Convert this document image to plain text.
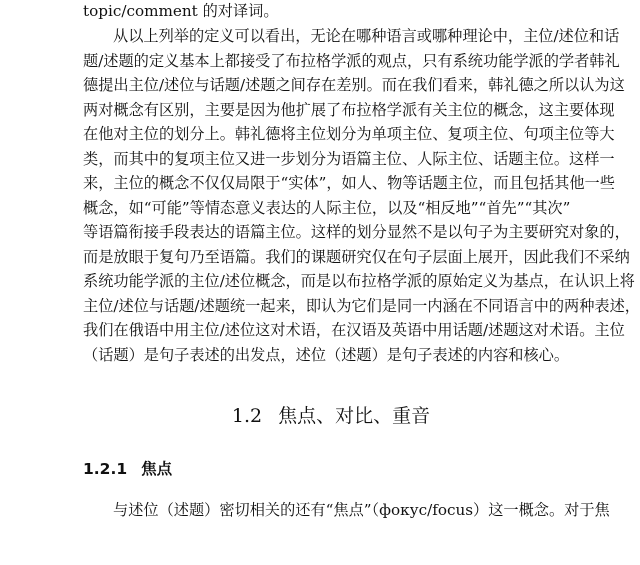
topic/comment 的对译词。
从以上列举的定义可以看出，无论在哪种语言或哪种理论中，主位/述位和话
题/述题的定义基本上都接受了布拉格学派的观点，只有系统功能学派的学者韩礼
德提出主位/述位与话题/述题之间存在差别。而在我们看来，韩礼德之所以认为这
两对概念有区别，主要是因为他扩展了布拉格学派有关主位的概念，这主要体现
在他对主位的划分上。韩礼德将主位划分为单项主位、复项主位、句项主位等大
类，而其中的复项主位又进一步划分为语篇主位、人际主位、话题主位。这样一
来，主位的概念不仅仅局限于“实体”，如人、物等话题主位，而且包括其他一些
概念，如“可能”等情态意义表达的人际主位，以及“相反地”“首先”“其次”
等语篇衔接手段表达的语篇主位。这样的划分显然不是以句子为主要研究对象的，
而是放眼于复句乃至语篇。我们的课题研究仅在句子层面上展开，因此我们不采纳
系统功能学派的主位/述位概念，而是以布拉格学派的原始定义为基点，在认识上将
主位/述位与话题/述题统一起来，即认为它们是同一内涵在不同语言中的两种表述，
我们在俄语中用主位/述位这对术语，在汉语及英语中用话题/述题这对术语。主位
（话题）是句子表述的出发点，述位（述题）是句子表述的内容和核心。
1.2 焦点、对比、重音
1.2.1 焦点
与述位（述题）密切相关的还有“焦点”（фокус/focus）这一概念。对于焦
